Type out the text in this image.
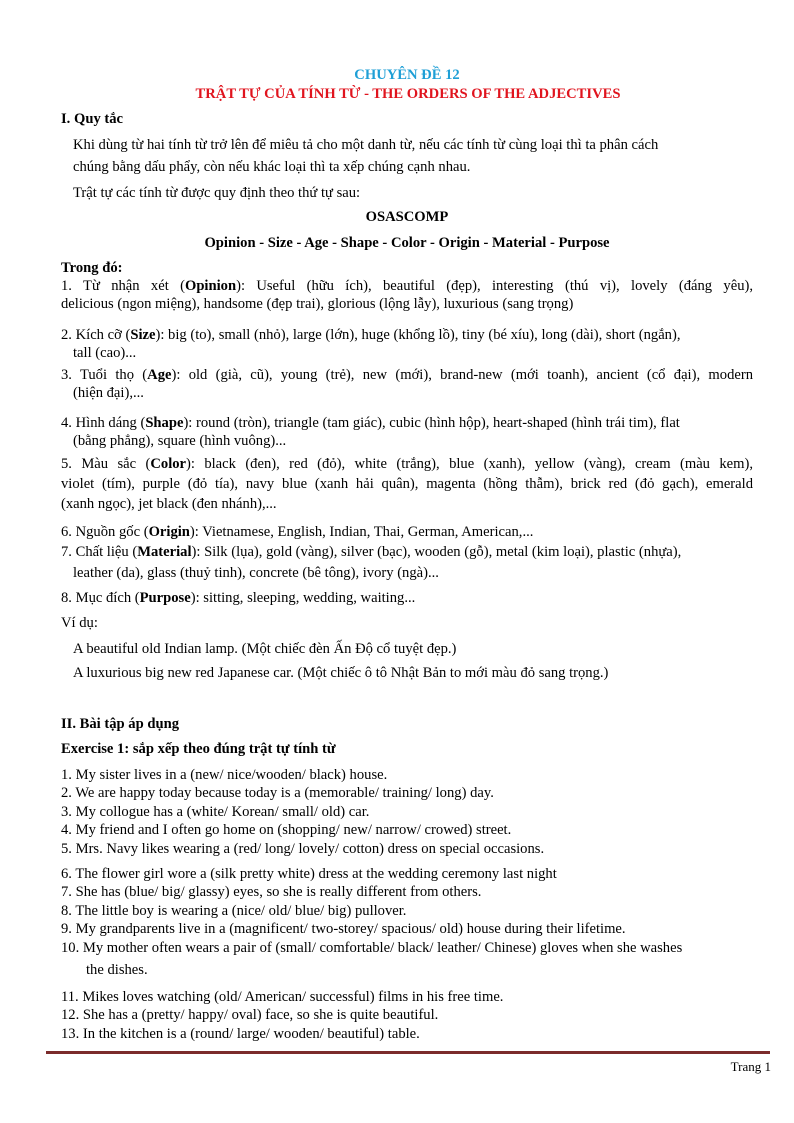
CHUYÊN ĐỀ 12
TRẬT TỰ CỦA TÍNH TỪ - THE ORDERS OF THE ADJECTIVES
I. Quy tắc
Khi dùng từ hai tính từ trở lên để miêu tả cho một danh từ, nếu các tính từ cùng loại thì ta phân cách
chúng bằng dấu phẩy, còn nếu khác loại thì ta xếp chúng cạnh nhau.
Trật tự các tính từ được quy định theo thứ tự sau:
OSASCOMP
Opinion - Size - Age - Shape - Color - Origin - Material - Purpose
Trong đó:
1. Từ nhận xét (Opinion): Useful (hữu ích), beautiful (đẹp), interesting (thú vị), lovely (đáng yêu),
delicious (ngon miệng), handsome (đẹp trai), glorious (lộng lẫy), luxurious (sang trọng)
2. Kích cỡ (Size): big (to), small (nhỏ), large (lớn), huge (khổng lồ), tiny (bé xíu), long (dài), short (ngắn),
tall (cao)...
3. Tuổi thọ (Age): old (già, cũ), young (trẻ), new (mới), brand-new (mới toanh), ancient (cổ đại), modern
(hiện đại),...
4. Hình dáng (Shape): round (tròn), triangle (tam giác), cubic (hình hộp), heart-shaped (hình trái tim), flat
(bằng phẳng), square (hình vuông)...
5. Màu sắc (Color): black (đen), red (đỏ), white (trắng), blue (xanh), yellow (vàng), cream (màu kem),
violet (tím), purple (đỏ tía), navy blue (xanh hải quân), magenta (hồng thẫm), brick red (đỏ gạch), emerald
(xanh ngọc), jet black (đen nhánh),...
6. Nguồn gốc (Origin): Vietnamese, English, Indian, Thai, German, American,...
7. Chất liệu (Material): Silk (lụa), gold (vàng), silver (bạc), wooden (gỗ), metal (kim loại), plastic (nhựa),
leather (da), glass (thuỷ tinh), concrete (bê tông), ivory (ngà)...
8. Mục đích (Purpose): sitting, sleeping, wedding, waiting...
Ví dụ:
A beautiful old Indian lamp. (Một chiếc đèn Ấn Độ cổ tuyệt đẹp.)
A luxurious big new red Japanese car. (Một chiếc ô tô Nhật Bản to mới màu đỏ sang trọng.)
II. Bài tập áp dụng
Exercise 1: sắp xếp theo đúng trật tự tính từ
1. My sister lives in a (new/ nice/wooden/ black) house.
2. We are happy today because today is a (memorable/ training/ long) day.
3. My collogue has a (white/ Korean/ small/ old) car.
4. My friend and I often go home on (shopping/ new/ narrow/ crowed) street.
5. Mrs. Navy likes wearing a (red/ long/ lovely/ cotton) dress on special occasions.
6. The flower girl wore a (silk pretty white) dress at the wedding ceremony last night
7. She has (blue/ big/ glassy) eyes, so she is really different from others.
8. The little boy is wearing a (nice/ old/ blue/ big) pullover.
9. My grandparents live in a (magnificent/ two-storey/ spacious/ old) house during their lifetime.
10. My mother often wears a pair of (small/ comfortable/ black/ leather/ Chinese) gloves when she washes
the dishes.
11. Mikes loves watching (old/ American/ successful) films in his free time.
12. She has a (pretty/ happy/ oval) face, so she is quite beautiful.
13. In the kitchen is a (round/ large/ wooden/ beautiful) table.
Trang 1
